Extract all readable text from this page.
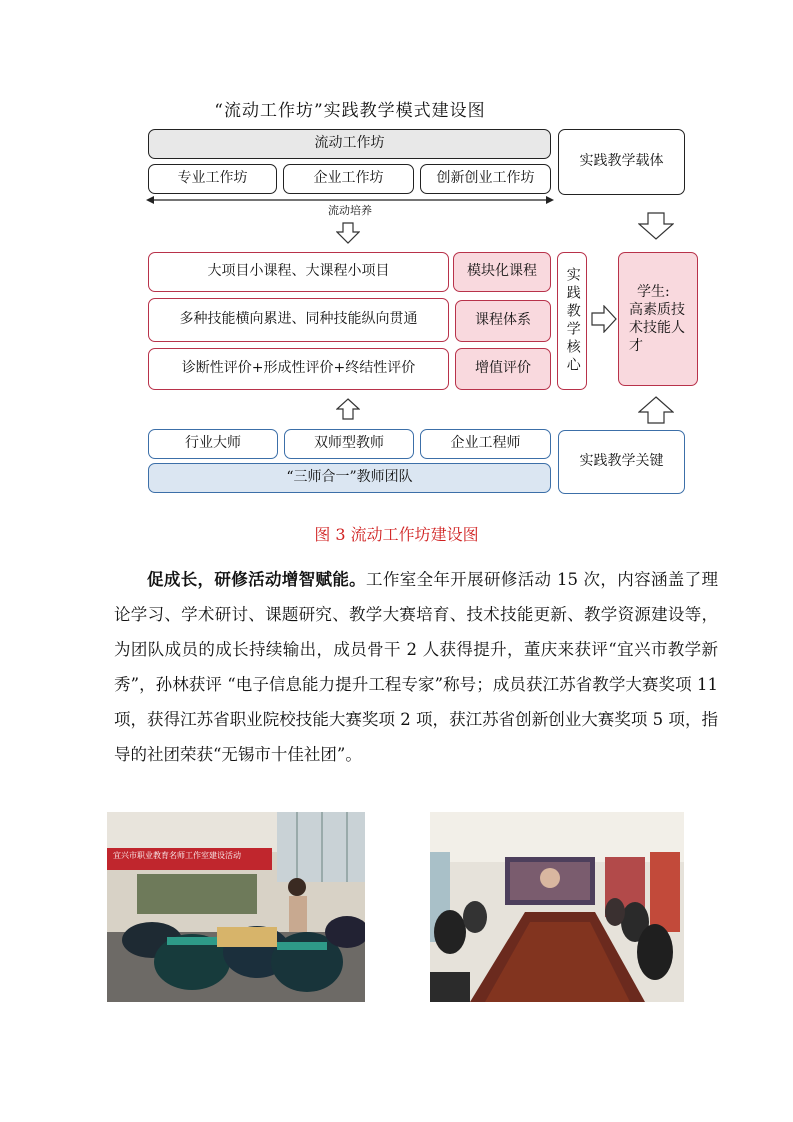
“流动工作坊”实践教学模式建设图
流动工作坊
专业工作坊	企业工作坊	创新创业工作坊
流动培养
实践教学载体
大项目小课程、大课程小项目	模块化课程
多种技能横向累进、同种技能纵向贯通	课程体系
诊断性评价+形成性评价+终结性评价	增值评价	实践教学核心	学生:
高素质技术技能人才
行业大师	双师型教师	企业工程师
“三师合一”教师团队
实践教学关键
图 3 流动工作坊建设图
促成长，研修活动增智赋能。工作室全年开展研修活动 15 次，内容涵盖了理论学习、学术研讨、课题研究、教学大赛培育、技术技能更新、教学资源建设等，为团队成员的成长持续输出，成员骨干 2 人获得提升，董庆来获评“宜兴市教学新秀”，孙林获评 “电子信息能力提升工程专家”称号；成员获江苏省教学大赛奖项 11 项，获得江苏省职业院校技能大赛奖项 2 项，获江苏省创新创业大赛奖项 5 项，指导的社团荣获“无锡市十佳社团”。
宜兴市职业教育名师工作室建设活动
